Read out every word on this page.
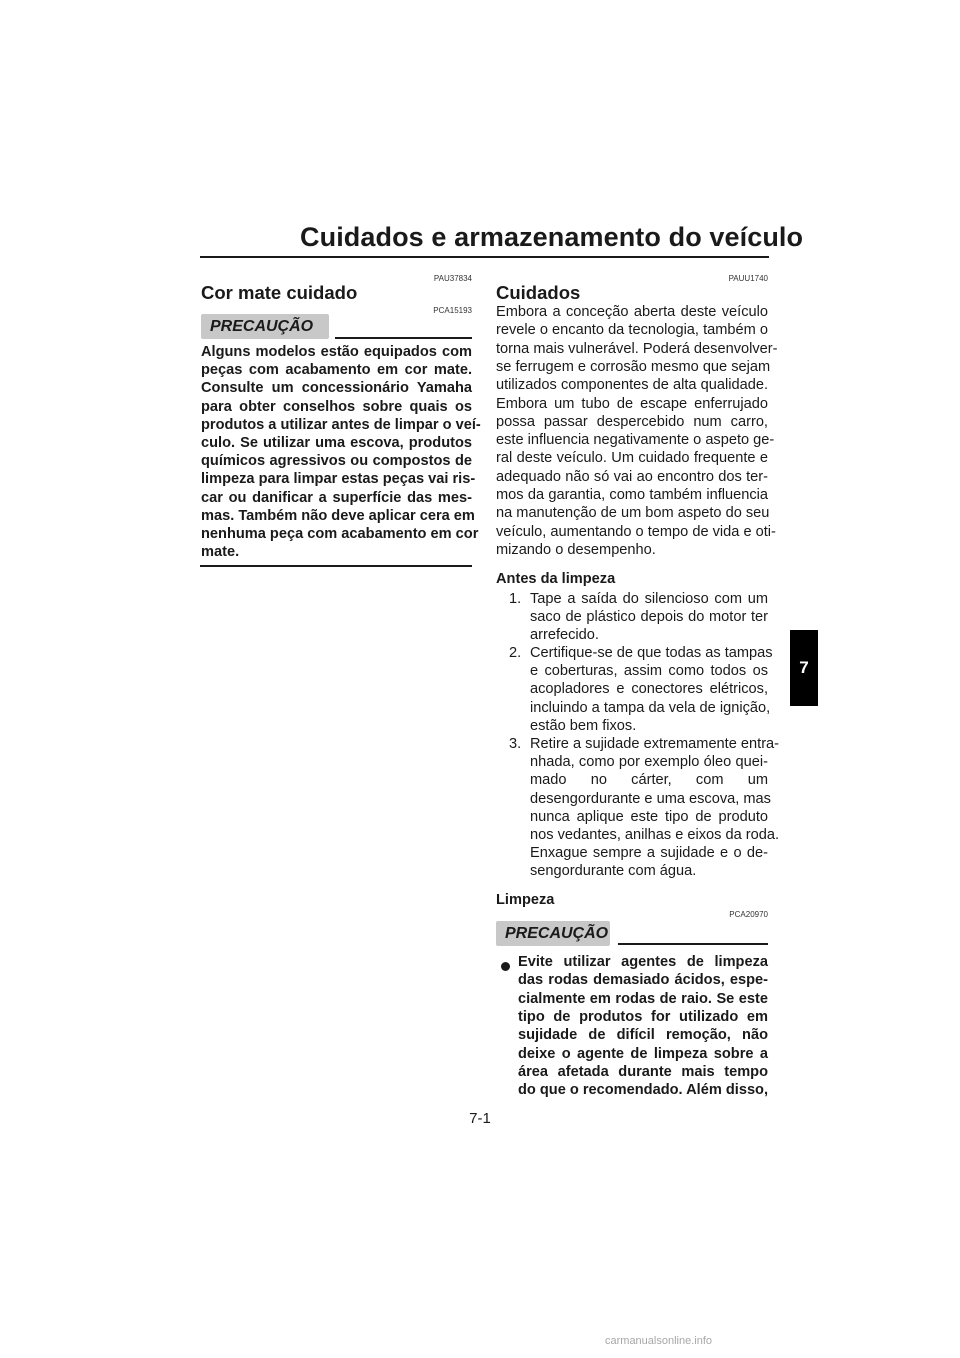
Cuidados e armazenamento do veículo
PAU37834
Cor mate cuidado
PCA15193
PRECAUÇÃO
Alguns modelos estão equipados com
peças com acabamento em cor mate.
Consulte um concessionário Yamaha
para obter conselhos sobre quais os
produtos a utilizar antes de limpar o veí-
culo. Se utilizar uma escova, produtos
químicos agressivos ou compostos de
limpeza para limpar estas peças vai ris-
car ou danificar a superfície das mes-
mas. Também não deve aplicar cera em
nenhuma peça com acabamento em cor
mate.
PAUU1740
Cuidados
Embora a conceção aberta deste veículo
revele o encanto da tecnologia, também o
torna mais vulnerável. Poderá desenvolver-
se ferrugem e corrosão mesmo que sejam
utilizados componentes de alta qualidade.
Embora um tubo de escape enferrujado
possa passar despercebido num carro,
este influencia negativamente o aspeto ge-
ral deste veículo. Um cuidado frequente e
adequado não só vai ao encontro dos ter-
mos da garantia, como também influencia
na manutenção de um bom aspeto do seu
veículo, aumentando o tempo de vida e oti-
mizando o desempenho.
Antes da limpeza
1. Tape a saída do silencioso com um
saco de plástico depois do motor ter
arrefecido.
2. Certifique-se de que todas as tampas
e coberturas, assim como todos os
acopladores e conectores elétricos,
incluindo a tampa da vela de ignição,
estão bem fixos.
3. Retire a sujidade extremamente entra-
nhada, como por exemplo óleo quei-
mado no cárter, com um
desengordurante e uma escova, mas
nunca aplique este tipo de produto
nos vedantes, anilhas e eixos da roda.
Enxague sempre a sujidade e o de-
sengordurante com água.
Limpeza
PCA20970
PRECAUÇÃO
Evite utilizar agentes de limpeza
das rodas demasiado ácidos, espe-
cialmente em rodas de raio. Se este
tipo de produtos for utilizado em
sujidade de difícil remoção, não
deixe o agente de limpeza sobre a
área afetada durante mais tempo
do que o recomendado. Além disso,
7
7-1
carmanualsonline.info
